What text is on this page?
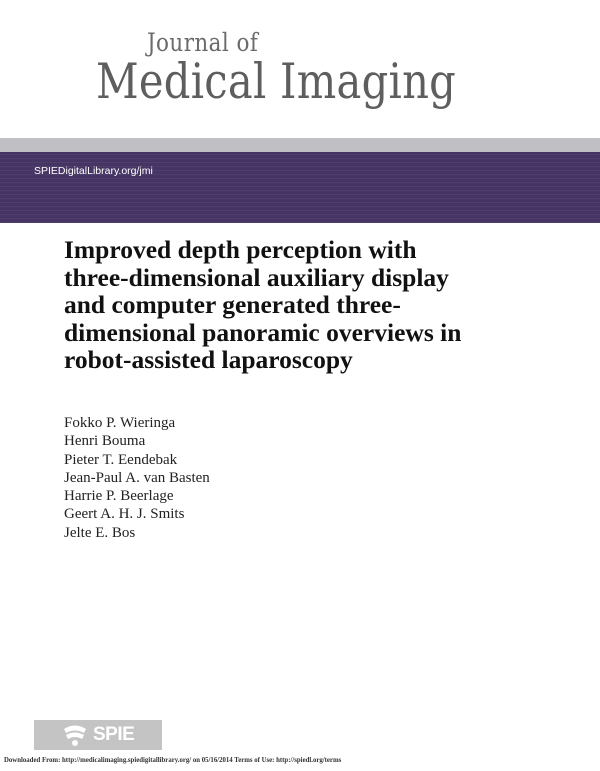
Journal of

Medical Imaging

SPIEDigitalLibrary.org/jmi
Improved depth perception with
three-dimensional auxiliary display
and computer generated three-
dimensional panoramic overviews in
robot-assisted laparoscopy
Fokko P. Wieringa
Henri Bouma
Pieter T. Eendebak
Jean-Paul A. van Basten
Harrie P. Beerlage
Geert A. H. J. Smits
Jelte E. Bos
SPIE
Downloaded From: http://medicalimaging.spiedigitallibrary.org/ on 05/16/2014 Terms of Use: http://spiedl.org/terms
